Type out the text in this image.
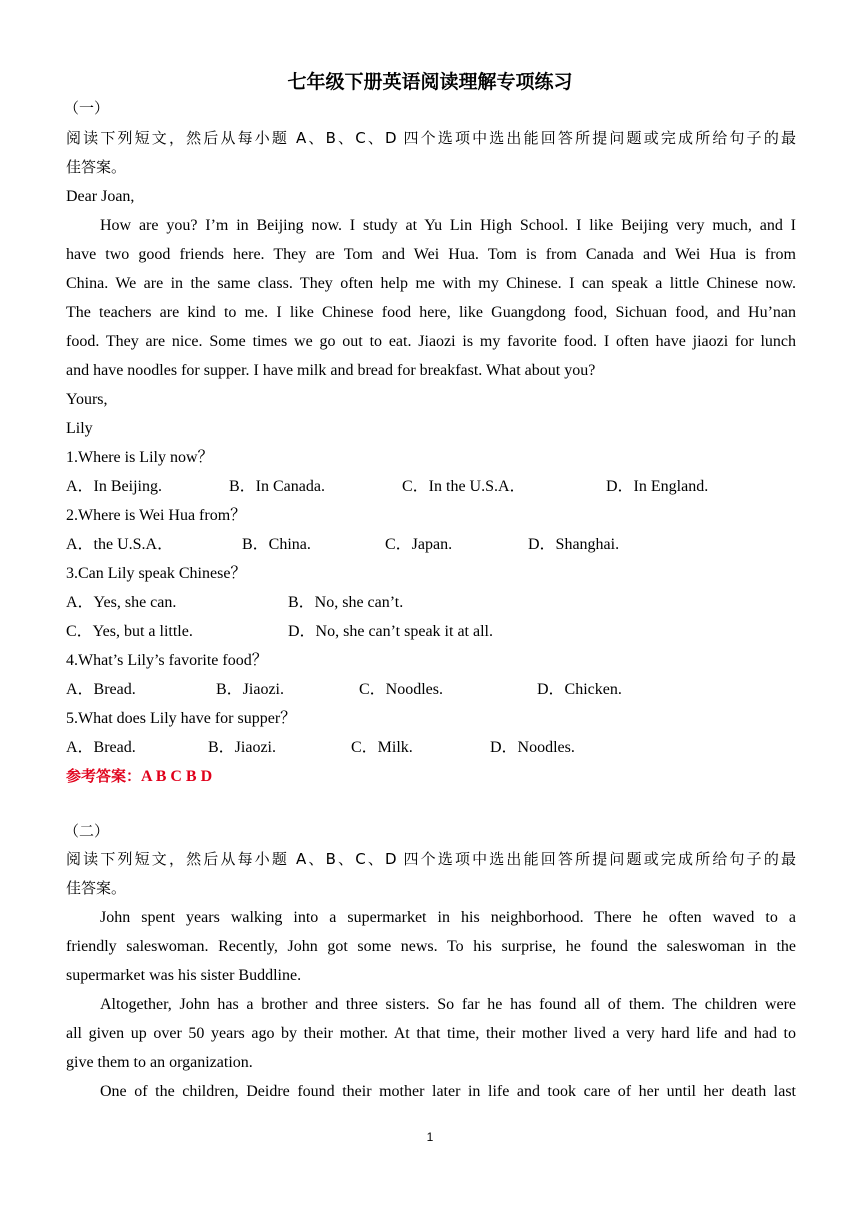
七年级下册英语阅读理解专项练习
（一）
阅读下列短文，然后从每小题 A、B、C、D 四个选项中选出能回答所提问题或完成所给句子的最
佳答案。
Dear Joan,
How are you? I’m in Beijing now. I study at Yu Lin High School. I like Beijing very much, and I
have two good friends here. They are Tom and Wei Hua. Tom is from Canada and Wei Hua is from
China. We are in the same class. They often help me with my Chinese. I can speak a little Chinese now.
The teachers are kind to me. I like Chinese food here, like Guangdong food, Sichuan food, and Hu’nan
food. They are nice. Some times we go out to eat. Jiaozi is my favorite food. I often have jiaozi for lunch
and have noodles for supper. I have milk and bread for breakfast. What about you?
Yours,
Lily
1.Where is Lily now？
A．In Beijing.	B．In Canada.	C．In the U.S.A．	D．In England.
2.Where is Wei Hua from？
A．the U.S.A．	B．China.	C．Japan.	D．Shanghai.
3.Can Lily speak Chinese？
A．Yes, she can.	B．No, she can’t.
C．Yes, but a little.	D．No, she can’t speak it at all.
4.What’s Lily’s favorite food？
A．Bread.	B．Jiaozi.	C．Noodles.	D．Chicken.
5.What does Lily have for supper？
A．Bread.	B．Jiaozi.	C．Milk.	D．Noodles.
参考答案：A B C B D
（二）
阅读下列短文，然后从每小题 A、B、C、D 四个选项中选出能回答所提问题或完成所给句子的最
佳答案。
John spent years walking into a supermarket in his neighborhood. There he often waved to a
friendly saleswoman. Recently, John got some news. To his surprise, he found the saleswoman in the
supermarket was his sister Buddline.
Altogether, John has a brother and three sisters. So far he has found all of them. The children were
all given up over 50 years ago by their mother. At that time, their mother lived a very hard life and had to
give them to an organization.
One of the children, Deidre found their mother later in life and took care of her until her death last
1
